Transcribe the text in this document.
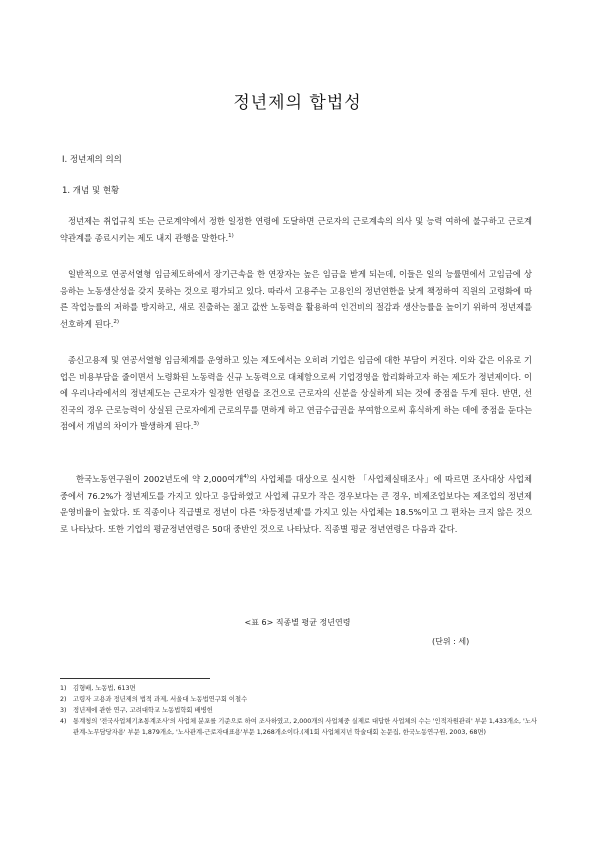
정년제의 합법성
I. 정년제의 의의
1. 개념 및 현황
정년제는 취업규칙 또는 근로계약에서 정한 일정한 연령에 도달하면 근로자의 근로계속의 의사 및 능력 여하에 불구하고 근로계약관계를 종료시키는 제도 내지 관행을 말한다.$^{1)}$
일반적으로 연공서열형 임금체도하에서 장기근속을 한 연장자는 높은 임금을 받게 되는데, 이들은 일의 능률면에서 고임금에 상응하는 노동생산성을 갖지 못하는 것으로 평가되고 있다. 따라서 고용주는 고용인의 정년연한을 낮게 책정하여 직원의 고령화에 따른 작업능률의 저하를 방지하고, 새로 진출하는 젊고 값싼 노동력을 활용하여 인건비의 절감과 생산능률을 높이기 위하여 정년제를 선호하게 된다.$^{2)}$
종신고용제 및 연공서열형 임금체계를 운영하고 있는 제도에서는 오히려 기업은 임금에 대한 부담이 커진다. 이와 같은 이유로 기업은 비용부담을 줄이면서 노령화된 노동력을 신규 노동력으로 대체함으로써 기업경영을 합리화하고자 하는 제도가 정년제이다. 이에 우리나라에서의 정년제도는 근로자가 일정한 연령을 조건으로 근로자의 신분을 상실하게 되는 것에 중점을 두게 된다. 반면, 선진국의 경우 근로능력이 상실된 근로자에게 근로의무를 면하게 하고 연금수급권을 부여함으로써 휴식하게 하는 데에 중점을 둔다는 점에서 개념의 차이가 발생하게 된다.$^{3)}$
한국노동연구원이 2002년도에 약 2,000여개$^{4)}$의 사업체를 대상으로 실시한 「사업체실태조사」에 따르면 조사대상 사업체 중에서 76.2%가 정년제도를 가지고 있다고 응답하였고 사업체 규모가 작은 경우보다는 큰 경우, 비제조업보다는 제조업의 정년제 운영비율이 높았다. 또 직종이나 직급별로 정년이 다른 '차등정년제'를 가지고 있는 사업체는 18.5%이고 그 편차는 크지 않은 것으로 나타났다. 또한 기업의 평균정년연령은 50대 중반인 것으로 나타났다. 직종별 평균 정년연령은 다음과 같다.
<표 6> 직종별 평균 정년연령
(단위 : 세)
1) 김형배, 노동법, 613면
2) 고령자 고용과 정년제의 법적 과제, 서울대 노동법연구회 이철수
3) 정년제에 관한 연구, 고려대학교 노동법학회 배병헌
4) 통계청의 '전국사업체기초통계조사'의 사업체 분포를 기준으로 하여 조사하였고, 2,000개의 사업체중 실제로 대답한 사업체의 수는 '인적자원관리' 부문 1,433개소, '노사관계-노무담당자용' 부문 1,879개소, '노사관계-근로자대표용'부문 1,268개소이다.(제1회 사업체지넌 학술대회 논문집, 한국노동연구원, 2003, 68면)
